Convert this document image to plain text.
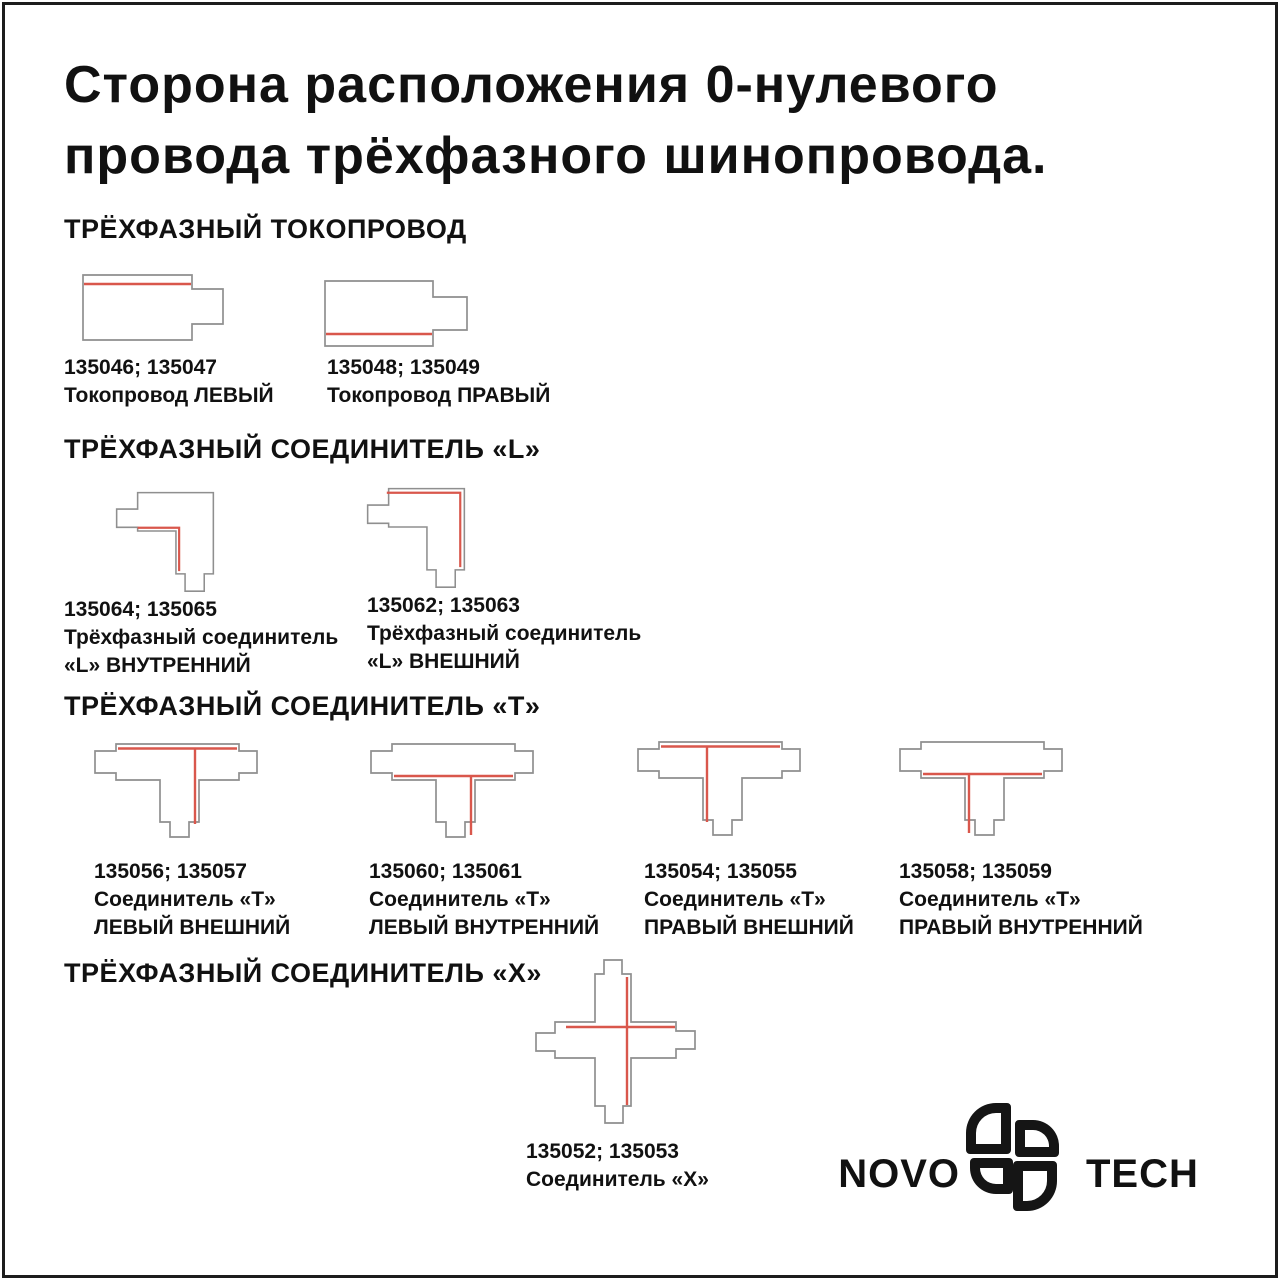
Сторона расположения 0-нулевого
провода трёхфазного шинопровода.
ТРЁХФАЗНЫЙ ТОКОПРОВОД
135046; 135047
Токопровод ЛЕВЫЙ
135048; 135049
Токопровод ПРАВЫЙ
ТРЁХФАЗНЫЙ СОЕДИНИТЕЛЬ «L»
135064; 135065
Трёхфазный соединитель
«L» ВНУТРЕННИЙ
135062; 135063
Трёхфазный соединитель
«L» ВНЕШНИЙ
ТРЁХФАЗНЫЙ СОЕДИНИТЕЛЬ «Т»
135056; 135057
Соединитель «Т»
ЛЕВЫЙ ВНЕШНИЙ
135060; 135061
Соединитель «Т»
ЛЕВЫЙ ВНУТРЕННИЙ
135054; 135055
Соединитель «Т»
ПРАВЫЙ ВНЕШНИЙ
135058; 135059
Соединитель «Т»
ПРАВЫЙ ВНУТРЕННИЙ
ТРЁХФАЗНЫЙ СОЕДИНИТЕЛЬ «Х»
135052; 135053
Соединитель «Х»	NOVO	TECH
